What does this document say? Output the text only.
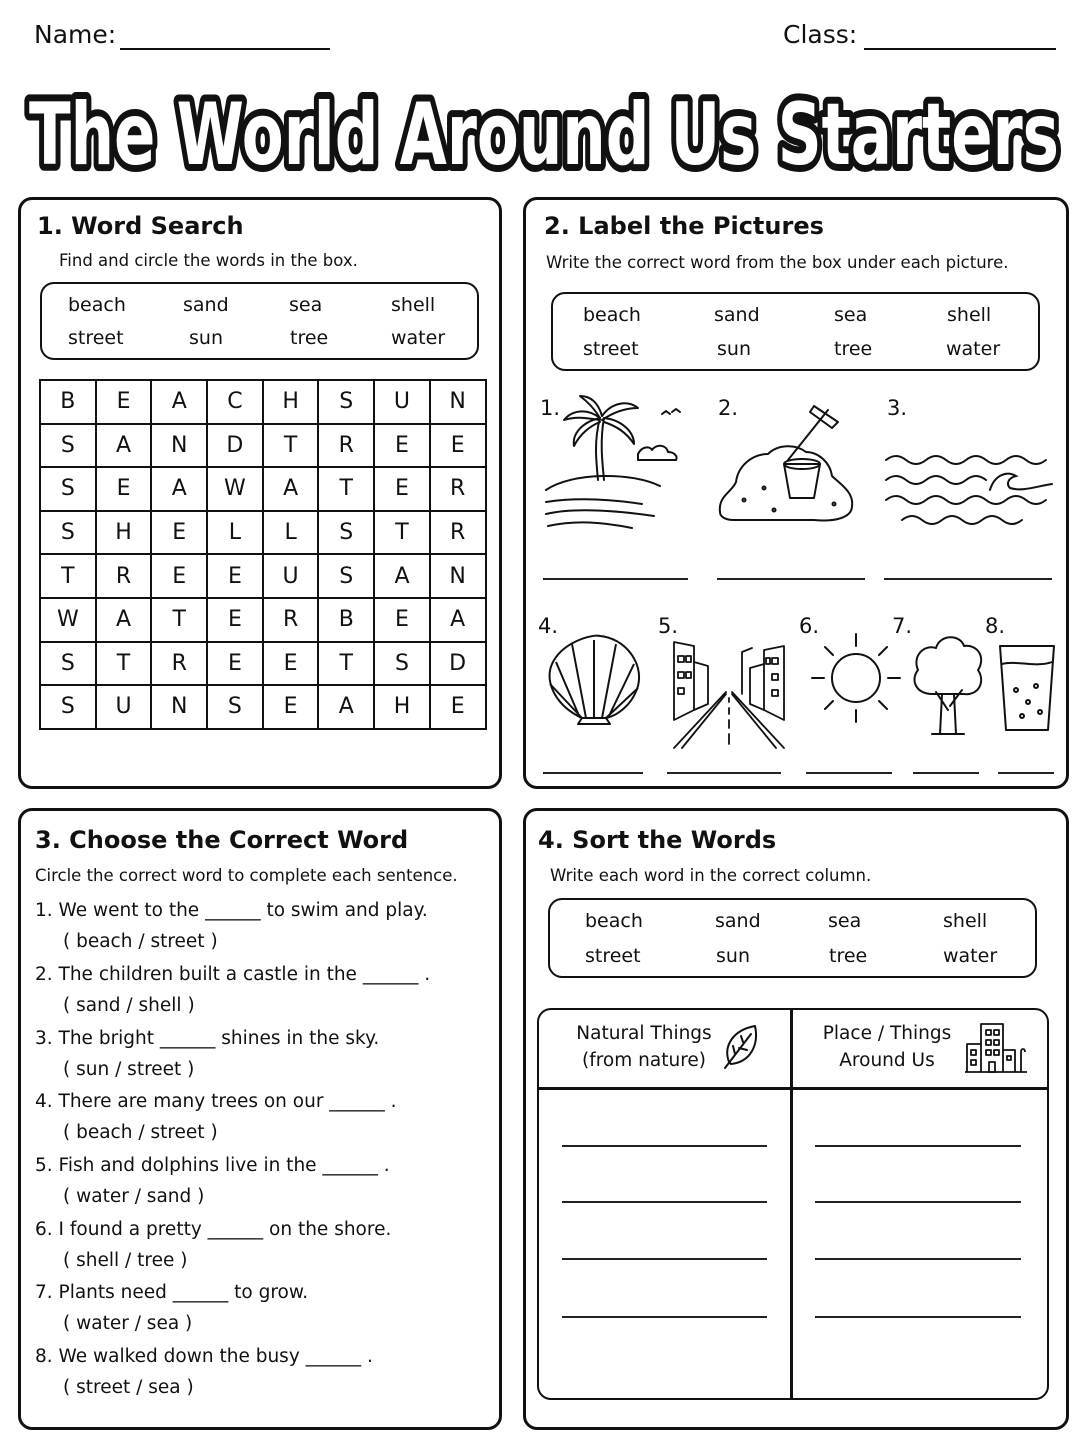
Name:	Class:
The World Around Us Starters
1. Word Search
Find and circle the words in the box.
beach	sand	sea	shell
street	sun	tree	water
B	E	A	C	H	S	U	N
S	A	N	D	T	R	E	E
S	E	A	W	A	T	E	R
S	H	E	L	L	S	T	R
T	R	E	E	U	S	A	N
W	A	T	E	R	B	E	A
S	T	R	E	E	T	S	D
S	U	N	S	E	A	H	E
2. Label the Pictures
Write the correct word from the box under each picture.
beach	sand	sea	shell
street	sun	tree	water
1.	2.	3.
4.	5.	6.	7.	8.
3. Choose the Correct Word
Circle the correct word to complete each sentence.
1. We went to the ______ to swim and play.
( beach / street )
2. The children built a castle in the ______ .
( sand / shell )
3. The bright ______ shines in the sky.
( sun / street )
4. There are many trees on our ______ .
( beach / street )
5. Fish and dolphins live in the ______ .
( water / sand )
6. I found a pretty ______ on the shore.
( shell / tree )
7. Plants need ______ to grow.
( water / sea )
8. We walked down the busy ______ .
( street / sea )
4. Sort the Words
Write each word in the correct column.
beach	sand	sea	shell
street	sun	tree	water
Natural Things
(from nature)
Place / Things
Around Us
